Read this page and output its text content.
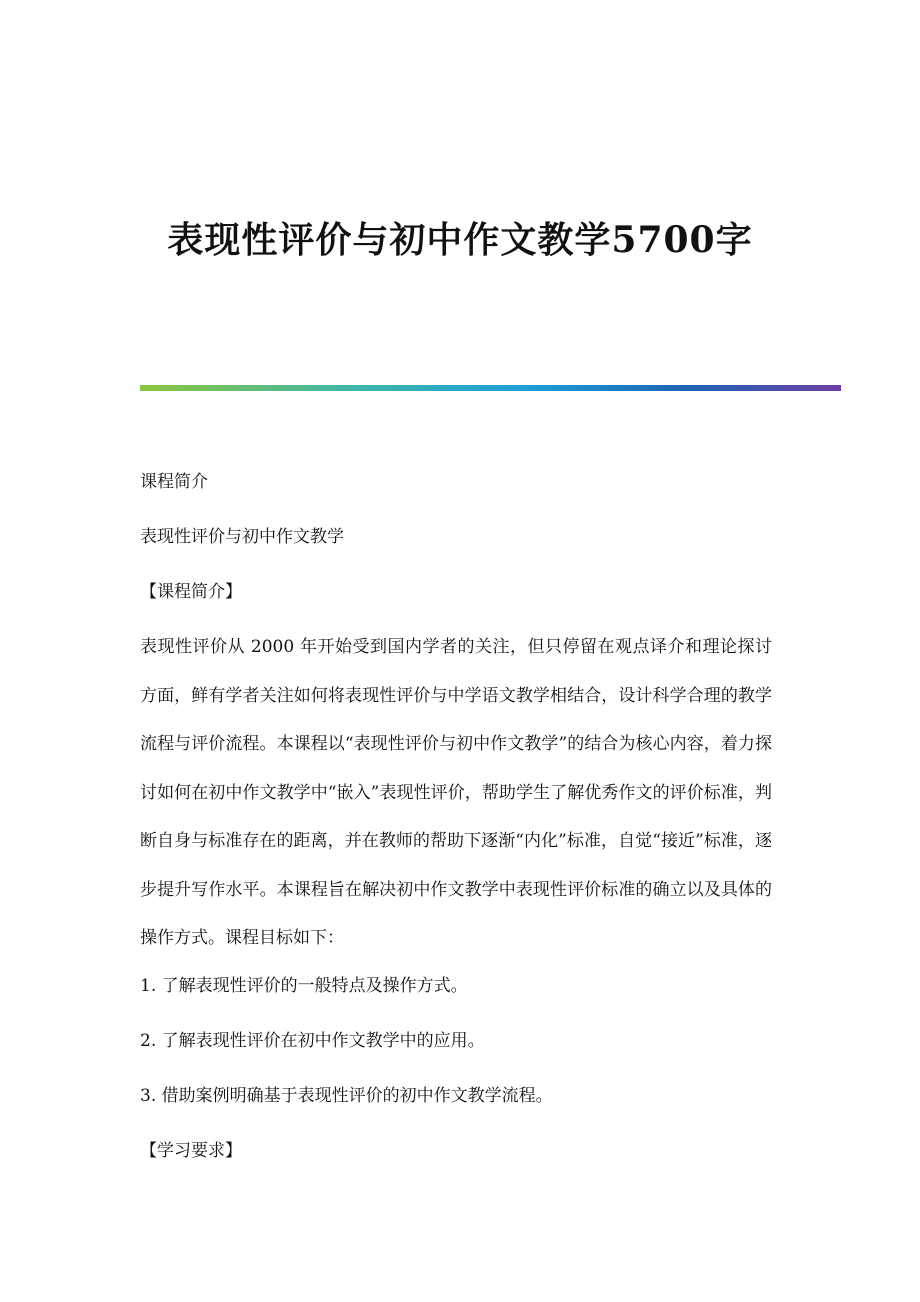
表现性评价与初中作文教学5700字

课程简介

表现性评价与初中作文教学

【课程简介】

表现性评价从 2000 年开始受到国内学者的关注，但只停留在观点译介和理论探讨方面，鲜有学者关注如何将表现性评价与中学语文教学相结合，设计科学合理的教学流程与评价流程。本课程以“表现性评价与初中作文教学”的结合为核心内容，着力探讨如何在初中作文教学中“嵌入”表现性评价，帮助学生了解优秀作文的评价标准，判断自身与标准存在的距离，并在教师的帮助下逐渐“内化”标准，自觉“接近”标准，逐步提升写作水平。本课程旨在解决初中作文教学中表现性评价标准的确立以及具体的操作方式。课程目标如下：

1. 了解表现性评价的一般特点及操作方式。

2. 了解表现性评价在初中作文教学中的应用。

3. 借助案例明确基于表现性评价的初中作文教学流程。

【学习要求】
